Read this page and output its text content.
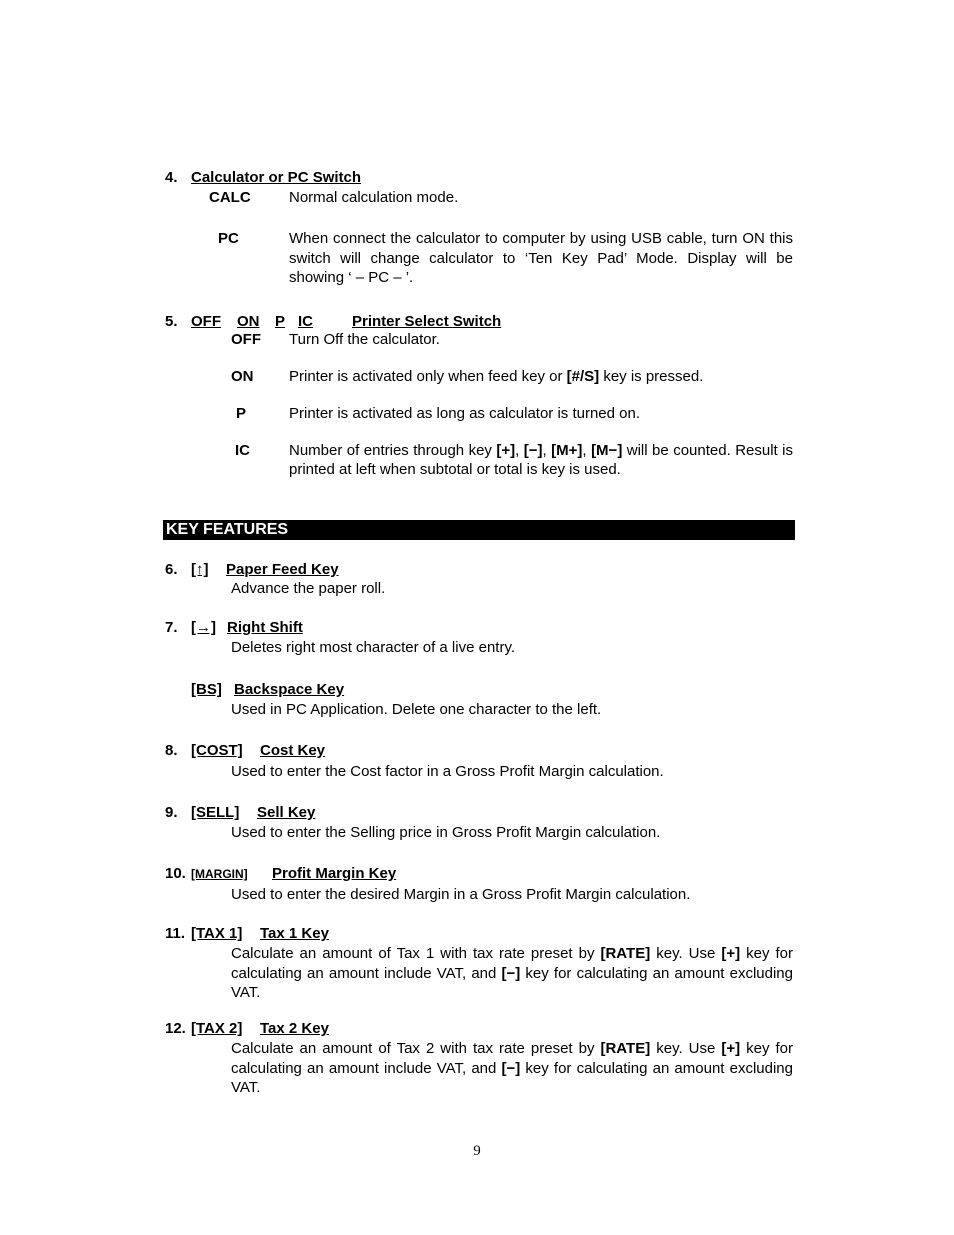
4. Calculator or PC Switch
CALC	Normal calculation mode.
PC	When connect the calculator to computer by using USB cable, turn ON this switch will change calculator to ‘Ten Key Pad’ Mode. Display will be showing ‘ – PC – ’.
5. OFF ON P IC	Printer Select Switch
OFF Turn Off the calculator.
ON Printer is activated only when feed key or [#/S] key is pressed.
P	Printer is activated as long as calculator is turned on.
IC	Number of entries through key [+], [−], [M+], [M−] will be counted. Result is printed at left when subtotal or total is key is used.
KEY FEATURES
6. [↑] Paper Feed Key
Advance the paper roll.
7. [→] Right Shift
Deletes right most character of a live entry.
[BS] Backspace Key
Used in PC Application. Delete one character to the left.
8. [COST] Cost Key
Used to enter the Cost factor in a Gross Profit Margin calculation.
9. [SELL] Sell Key
Used to enter the Selling price in Gross Profit Margin calculation.
10. [MARGIN] Profit Margin Key
Used to enter the desired Margin in a Gross Profit Margin calculation.
11. [TAX 1] Tax 1 Key
Calculate an amount of Tax 1 with tax rate preset by [RATE] key. Use [+] key for calculating an amount include VAT, and [−] key for calculating an amount excluding VAT.
12. [TAX 2] Tax 2 Key
Calculate an amount of Tax 2 with tax rate preset by [RATE] key. Use [+] key for calculating an amount include VAT, and [−] key for calculating an amount excluding VAT.
9
